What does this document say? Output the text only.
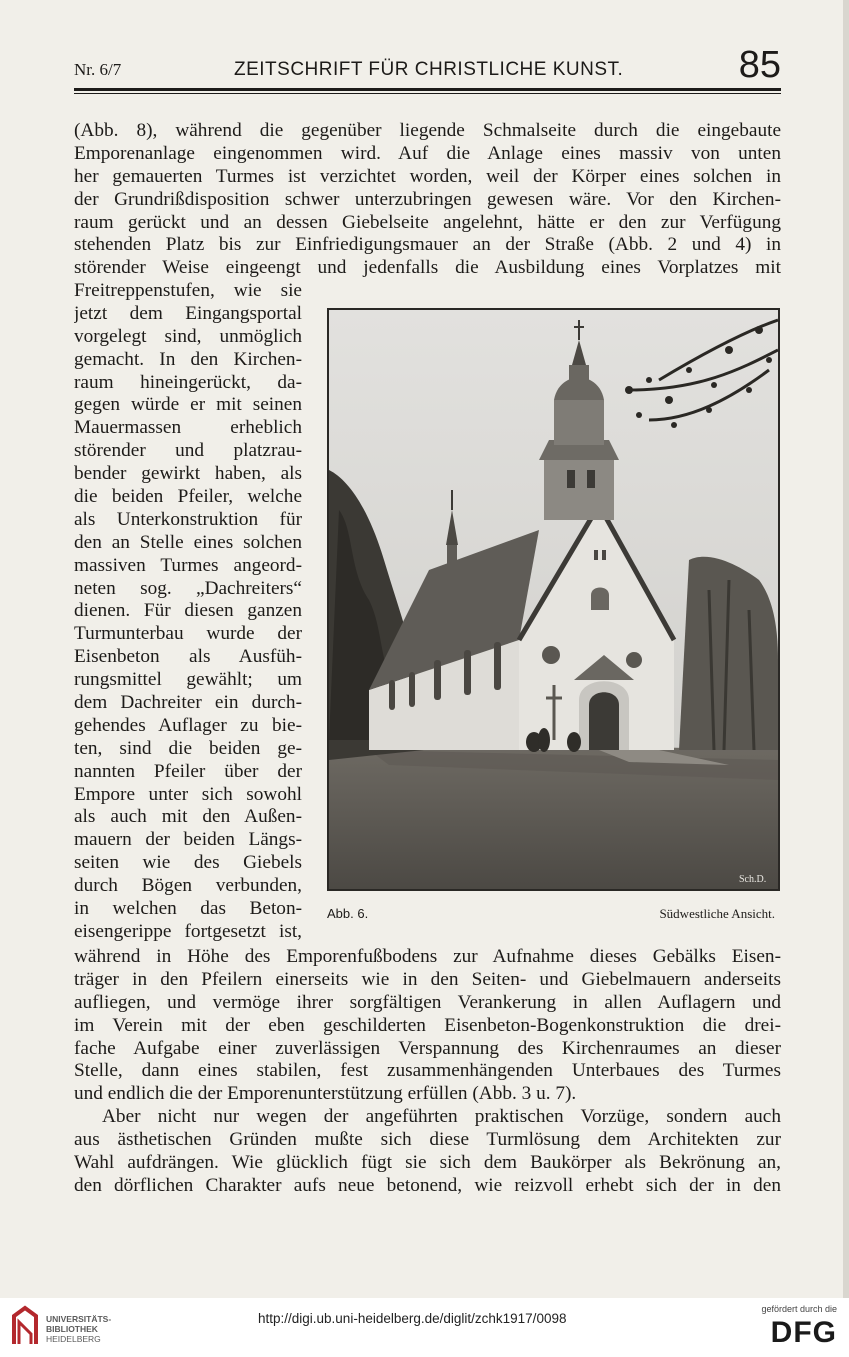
Nr. 6/7	ZEITSCHRIFT FÜR CHRISTLICHE KUNST.	85
(Abb. 8), während die gegenüber liegende Schmalseite durch die eingebaute
Emporenanlage eingenommen wird. Auf die Anlage eines massiv von unten
her gemauerten Turmes ist verzichtet worden, weil der Körper eines solchen in
der Grundrißdisposition schwer unterzubringen gewesen wäre. Vor den Kirchen-
raum gerückt und an dessen Giebelseite angelehnt, hätte er den zur Verfügung
stehenden Platz bis zur Einfriedigungsmauer an der Straße (Abb. 2 und 4) in
störender Weise eingeengt und jedenfalls die Ausbildung eines Vorplatzes mit
Freitreppenstufen, wie sie
jetzt dem Eingangsportal
vorgelegt sind, unmöglich
gemacht. In den Kirchen-
raum hineingerückt, da-
gegen würde er mit seinen
Mauermassen erheblich
störender und platzrau-
bender gewirkt haben, als
die beiden Pfeiler, welche
als Unterkonstruktion für
den an Stelle eines solchen
massiven Turmes angeord-
neten sog. „Dachreiters“
dienen. Für diesen ganzen
Turmunterbau wurde der
Eisenbeton als Ausfüh-
rungsmittel gewählt; um
dem Dachreiter ein durch-
gehendes Auflager zu bie-
ten, sind die beiden ge-
nannten Pfeiler über der
Empore unter sich sowohl
als auch mit den Außen-
mauern der beiden Längs-
seiten wie des Giebels
durch Bögen verbunden,
in welchen das Beton-
eisengerippe fortgesetzt ist,
Sch.D.
Abb. 6.	Südwestliche Ansicht.
während in Höhe des Emporenfußbodens zur Aufnahme dieses Gebälks Eisen-
träger in den Pfeilern einerseits wie in den Seiten- und Giebelmauern anderseits
aufliegen, und vermöge ihrer sorgfältigen Verankerung in allen Auflagern und
im Verein mit der eben geschilderten Eisenbeton-Bogenkonstruktion die drei-
fache Aufgabe einer zuverlässigen Verspannung des Kirchenraumes an dieser
Stelle, dann eines stabilen, fest zusammenhängenden Unterbaues des Turmes
und endlich die der Emporenunterstützung erfüllen (Abb. 3 u. 7).
Aber nicht nur wegen der angeführten praktischen Vorzüge, sondern auch
aus ästhetischen Gründen mußte sich diese Turmlösung dem Architekten zur
Wahl aufdrängen. Wie glücklich fügt sie sich dem Baukörper als Bekrönung an,
den dörflichen Charakter aufs neue betonend, wie reizvoll erhebt sich der in den
UNIVERSITÄTS-
BIBLIOTHEK
HEIDELBERG
http://digi.ub.uni-heidelberg.de/diglit/zchk1917/0098
gefördert durch die
DFG
